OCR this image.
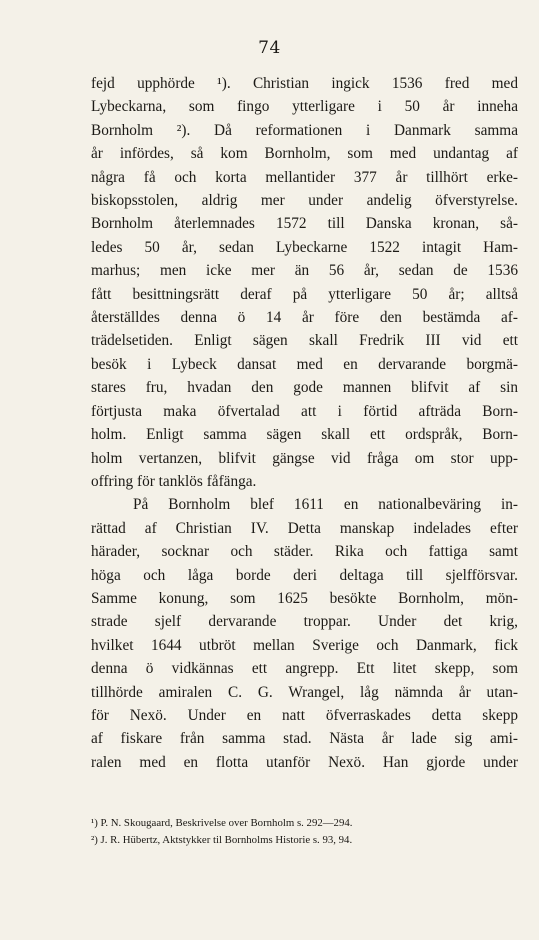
74
fejd upphörde ¹). Christian ingick 1536 fred med
Lybeckarna, som fingo ytterligare i 50 år inneha
Bornholm ²). Då reformationen i Danmark samma
år infördes, så kom Bornholm, som med undantag af
några få och korta mellantider 377 år tillhört erke-
biskopsstolen, aldrig mer under andelig öfverstyrelse.
Bornholm återlemnades 1572 till Danska kronan, så-
ledes 50 år, sedan Lybeckarne 1522 intagit Ham-
marhus; men icke mer än 56 år, sedan de 1536
fått besittningsrätt deraf på ytterligare 50 år; alltså
återställdes denna ö 14 år före den bestämda af-
trädelsetiden. Enligt sägen skall Fredrik III vid ett
besök i Lybeck dansat med en dervarande borgmä-
stares fru, hvadan den gode mannen blifvit af sin
förtjusta maka öfvertalad att i förtid afträda Born-
holm. Enligt samma sägen skall ett ordspråk, Born-
holm vertanzen, blifvit gängse vid fråga om stor upp-
offring för tanklös fåfänga.
På Bornholm blef 1611 en nationalbeväring in-
rättad af Christian IV. Detta manskap indelades efter
härader, socknar och städer. Rika och fattiga samt
höga och låga borde deri deltaga till sjelfförsvar.
Samme konung, som 1625 besökte Bornholm, mön-
strade sjelf dervarande troppar. Under det krig,
hvilket 1644 utbröt mellan Sverige och Danmark, fick
denna ö vidkännas ett angrepp. Ett litet skepp, som
tillhörde amiralen C. G. Wrangel, låg nämnda år utan-
för Nexö. Under en natt öfverraskades detta skepp
af fiskare från samma stad. Nästa år lade sig ami-
ralen med en flotta utanför Nexö. Han gjorde under
¹) P. N. Skougaard, Beskrivelse over Bornholm s. 292—294.
²) J. R. Hübertz, Aktstykker til Bornholms Historie s. 93, 94.
